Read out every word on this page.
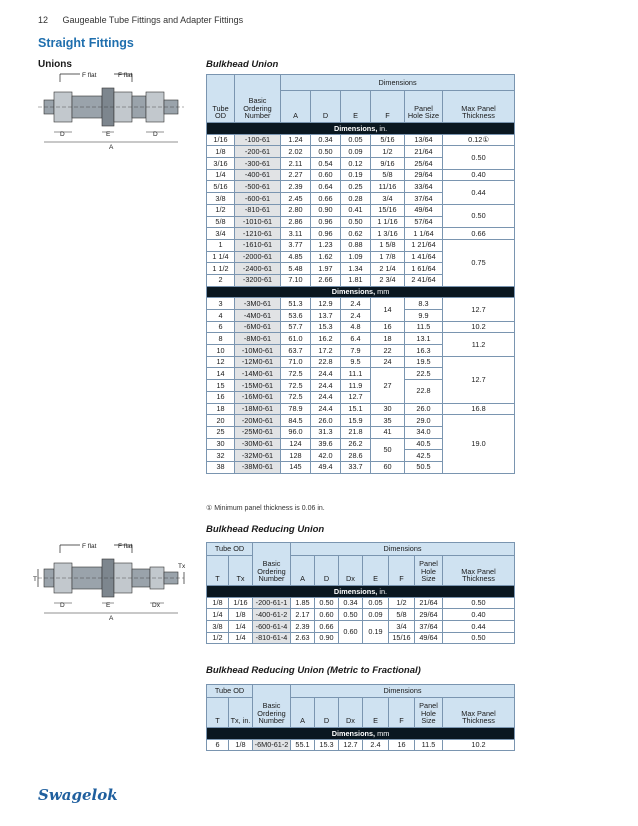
12 Gaugeable Tube Fittings and Adapter Fittings
Straight Fittings
Unions
F flat	F flat
D	E	D
A
Bulkhead Union
Tube OD	Basic Ordering Number	Dimensions					
		A	D	E	F	Panel Hole Size	Max Panel Thickness
Dimensions, in.							
1/16	-100-61	1.24	0.34	0.05	5/16	13/64	0.12①
1/8	-200-61	2.02	0.50	0.09	1/2	21/64	0.50
3/16	-300-61	2.11	0.54	0.12	9/16	25/64	
1/4	-400-61	2.27	0.60	0.19	5/8	29/64	0.40
5/16	-500-61	2.39	0.64	0.25	11/16	33/64	0.44
3/8	-600-61	2.45	0.66	0.28	3/4	37/64	
1/2	-810-61	2.80	0.90	0.41	15/16	49/64	0.50
5/8	-1010-61	2.86	0.96	0.50	1 1/16	57/64	
3/4	-1210-61	3.11	0.96	0.62	1 3/16	1 1/64	0.66
1	-1610-61	3.77	1.23	0.88	1 5/8	1 21/64	0.75
1 1/4	-2000-61	4.85	1.62	1.09	1 7/8	1 41/64	
1 1/2	-2400-61	5.48	1.97	1.34	2 1/4	1 61/64	
2	-3200-61	7.10	2.66	1.81	2 3/4	2 41/64	
Dimensions, mm							
3	-3M0-61	51.3	12.9	2.4	14	8.3	12.7
4	-4M0-61	53.6	13.7	2.4		9.9	
6	-6M0-61	57.7	15.3	4.8	16	11.5	10.2
8	-8M0-61	61.0	16.2	6.4	18	13.1	11.2
10	-10M0-61	63.7	17.2	7.9	22	16.3	
12	-12M0-61	71.0	22.8	9.5	24	19.5	12.7
14	-14M0-61	72.5	24.4	11.1	27	22.5	
15	-15M0-61	72.5	24.4	11.9		22.8	
16	-16M0-61	72.5	24.4	12.7			
18	-18M0-61	78.9	24.4	15.1	30	26.0	16.8
20	-20M0-61	84.5	26.0	15.9	35	29.0	19.0
25	-25M0-61	96.0	31.3	21.8	41	34.0	
30	-30M0-61	124	39.6	26.2	50	40.5	
32	-32M0-61	128	42.0	28.6		42.5	
38	-38M0-61	145	49.4	33.7	60	50.5	
① Minimum panel thickness is 0.06 in.
F flat	F flat
T
Tx
D	E	Dx
A
Bulkhead Reducing Union
Tube OD		Basic Ordering Number	Dimensions						
T	Tx		A	D	Dx	E	F	Panel Hole Size	Max Panel Thickness
Dimensions, in.									
1/8	1/16	-200-61-1	1.85	0.50	0.34	0.05	1/2	21/64	0.50
1/4	1/8	-400-61-2	2.17	0.60	0.50	0.09	5/8	29/64	0.40
3/8	1/4	-600-61-4	2.39	0.66	0.60	0.19	3/4	37/64	0.44
1/2	1/4	-810-61-4	2.63	0.90			15/16	49/64	0.50
Bulkhead Reducing Union (Metric to Fractional)
Tube OD		Basic Ordering Number	Dimensions						
T	Tx, in.		A	D	Dx	E	F	Panel Hole Size	Max Panel Thickness
Dimensions, mm									
6	1/8	-6M0-61-2	55.1	15.3	12.7	2.4	16	11.5	10.2
Swagelok
